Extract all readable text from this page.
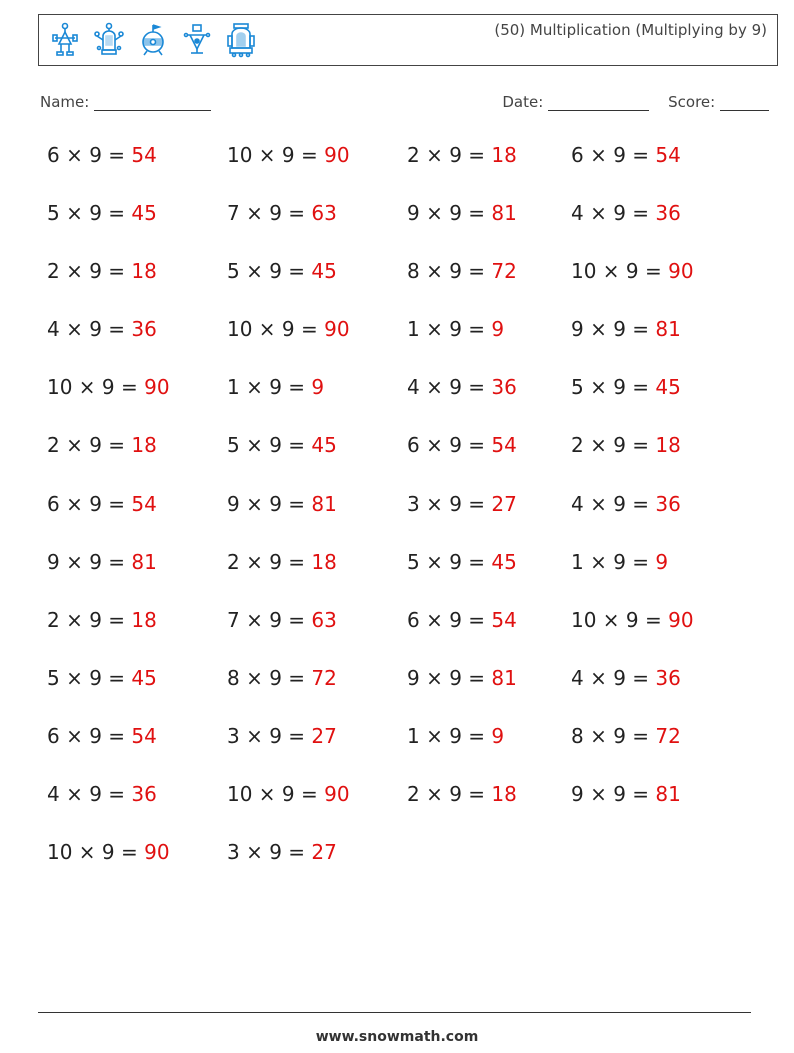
(50) Multiplication (Multiplying by 9)
Name:	Date:	Score:
6 × 9 = 54	10 × 9 = 90	2 × 9 = 18	6 × 9 = 54
5 × 9 = 45	7 × 9 = 63	9 × 9 = 81	4 × 9 = 36
2 × 9 = 18	5 × 9 = 45	8 × 9 = 72	10 × 9 = 90
4 × 9 = 36	10 × 9 = 90	1 × 9 = 9	9 × 9 = 81
10 × 9 = 90	1 × 9 = 9	4 × 9 = 36	5 × 9 = 45
2 × 9 = 18	5 × 9 = 45	6 × 9 = 54	2 × 9 = 18
6 × 9 = 54	9 × 9 = 81	3 × 9 = 27	4 × 9 = 36
9 × 9 = 81	2 × 9 = 18	5 × 9 = 45	1 × 9 = 9
2 × 9 = 18	7 × 9 = 63	6 × 9 = 54	10 × 9 = 90
5 × 9 = 45	8 × 9 = 72	9 × 9 = 81	4 × 9 = 36
6 × 9 = 54	3 × 9 = 27	1 × 9 = 9	8 × 9 = 72
4 × 9 = 36	10 × 9 = 90	2 × 9 = 18	9 × 9 = 81
10 × 9 = 90	3 × 9 = 27
www.snowmath.com
